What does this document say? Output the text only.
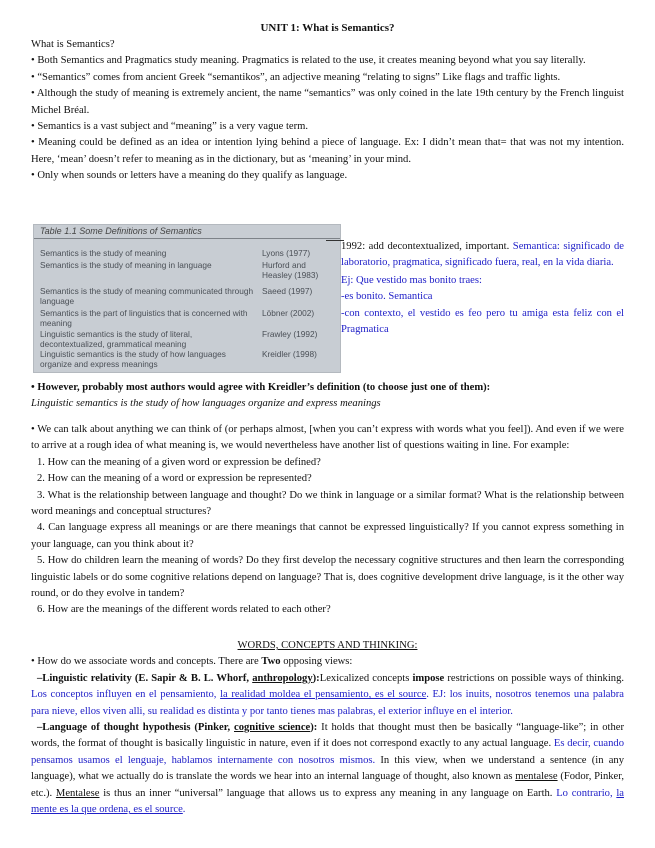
UNIT 1: What is Semantics?

What is Semantics?

• Both Semantics and Pragmatics study meaning. Pragmatics is related to the use, it creates meaning beyond what you say literally.

• “Semantics” comes from ancient Greek “semantikos”, an adjective meaning “relating to signs” Like flags and traffic lights.

• Although the study of meaning is extremely ancient, the name “semantics” was only coined in the late 19th century by the French linguist Michel Bréal.

• Semantics is a vast subject and “meaning” is a very vague term.

• Meaning could be defined as an idea or intention lying behind a piece of language. Ex: I didn’t mean that= that was not my intention. Here, ‘mean’ doesn’t refer to meaning as in the dictionary, but as ‘meaning’ in your mind.

• Only when sounds or letters have a meaning do they qualify as language.

Table 1.1 Some Definitions of Semantics
Semantics is the study of meaning	Lyons (1977)
Semantics is the study of meaning in language	Hurford and Heasley (1983)
Semantics is the study of meaning communicated through language
Saeed (1997)
Semantics is the part of linguistics that is concerned with meaning
Löbner (2002)
Linguistic semantics is the study of literal, decontextualized, grammatical meaning
Frawley (1992)
Linguistic semantics is the study of how languages organize and express meanings
Kreidler (1998)

1992: add decontextualized, important. Semantica: significado de laboratorio, pragmatica, significado fuera, real, en la vida diaria.

Ej: Que vestido mas bonito traes:

-es bonito. Semantica

-con contexto, el vestido es feo pero tu amiga esta feliz con el Pragmatica

• However, probably most authors would agree with Kreidler’s definition (to choose just one of them):

Linguistic semantics is the study of how languages organize and express meanings

• We can talk about anything we can think of (or perhaps almost, [when you can’t express with words what you feel]). And even if we were to arrive at a rough idea of what meaning is, we would nevertheless have another list of questions waiting in line. For example:

1. How can the meaning of a given word or expression be defined?

2. How can the meaning of a word or expression be represented?

3. What is the relationship between language and thought? Do we think in language or a similar format? What is the relationship between word meanings and conceptual structures?

4. Can language express all meanings or are there meanings that cannot be expressed linguistically? If you cannot express something in your language, can you think about it?

5. How do children learn the meaning of words? Do they first develop the necessary cognitive structures and then learn the corresponding linguistic labels or do some cognitive relations depend on language? That is, does cognitive development drive language, is it the other way round, or do they evolve in tandem?

6. How are the meanings of the different words related to each other?

WORDS, CONCEPTS AND THINKING:

• How do we associate words and concepts. There are Two opposing views:

–Linguistic relativity (E. Sapir & B. L. Whorf, anthropology):Lexicalized concepts impose restrictions on possible ways of thinking. Los conceptos influyen en el pensamiento, la realidad moldea el pensamiento, es el source. EJ: los inuits, nosotros tenemos una palabra para nieve, ellos viven alli, su realidad es distinta y por tanto tienes mas palabras, el exterior influye en el interior.

–Language of thought hypothesis (Pinker, cognitive science): It holds that thought must then be basically “language-like”; in other words, the format of thought is basically linguistic in nature, even if it does not correspond exactly to any actual language. Es decir, cuando pensamos usamos el lenguaje, hablamos internamente con nosotros mismos. In this view, when we understand a sentence (in any language), what we actually do is translate the words we hear into an internal language of thought, also known as mentalese (Fodor, Pinker, etc.). Mentalese is thus an inner “universal” language that allows us to express any meaning in any language on Earth. Lo contrario, la mente es la que ordena, es el source.
